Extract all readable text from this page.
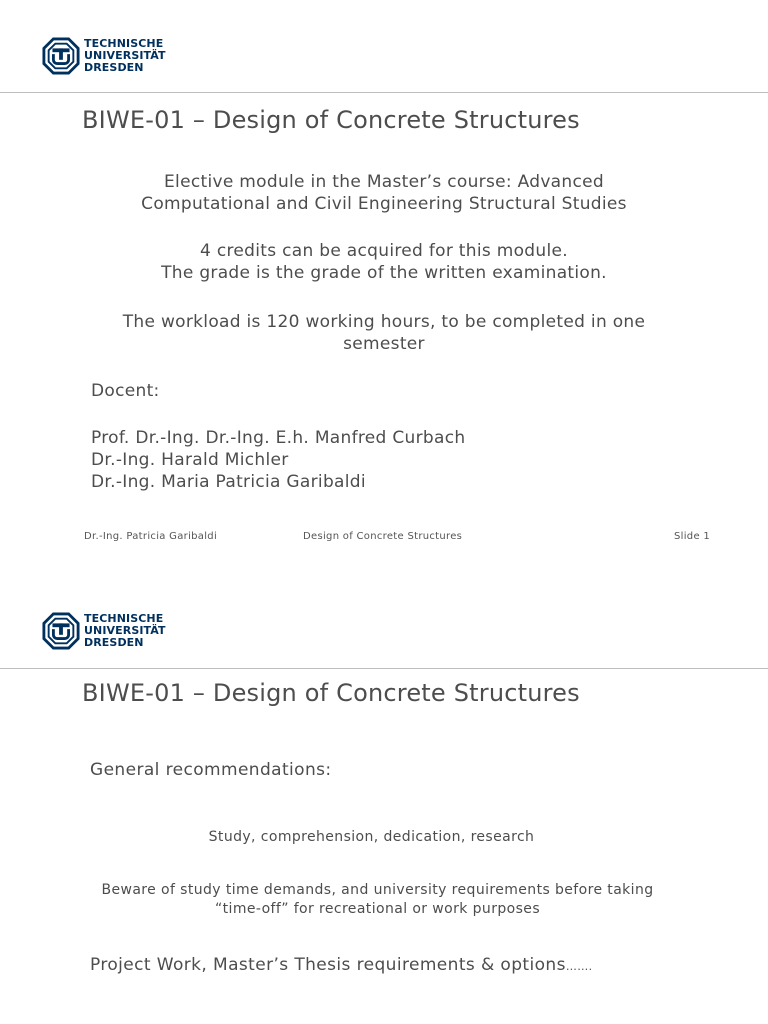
TECHNISCHE
UNIVERSITÄT
DRESDEN
BIWE-01 – Design of Concrete Structures
Elective module in the Master’s course: Advanced
Computational and Civil Engineering Structural Studies
4 credits can be acquired for this module.
The grade is the grade of the written examination.
The workload is 120 working hours, to be completed in one
semester
Docent:
Prof. Dr.-Ing. Dr.-Ing. E.h. Manfred Curbach
Dr.-Ing. Harald Michler
Dr.-Ing. Maria Patricia Garibaldi
Dr.-Ing. Patricia Garibaldi	Design of Concrete Structures	Slide 1
TECHNISCHE
UNIVERSITÄT
DRESDEN
BIWE-01 – Design of Concrete Structures
General recommendations:
Study, comprehension, dedication, research
Beware of study time demands, and university requirements before taking
“time-off” for recreational or work purposes
Project Work, Master’s Thesis requirements & options…….
